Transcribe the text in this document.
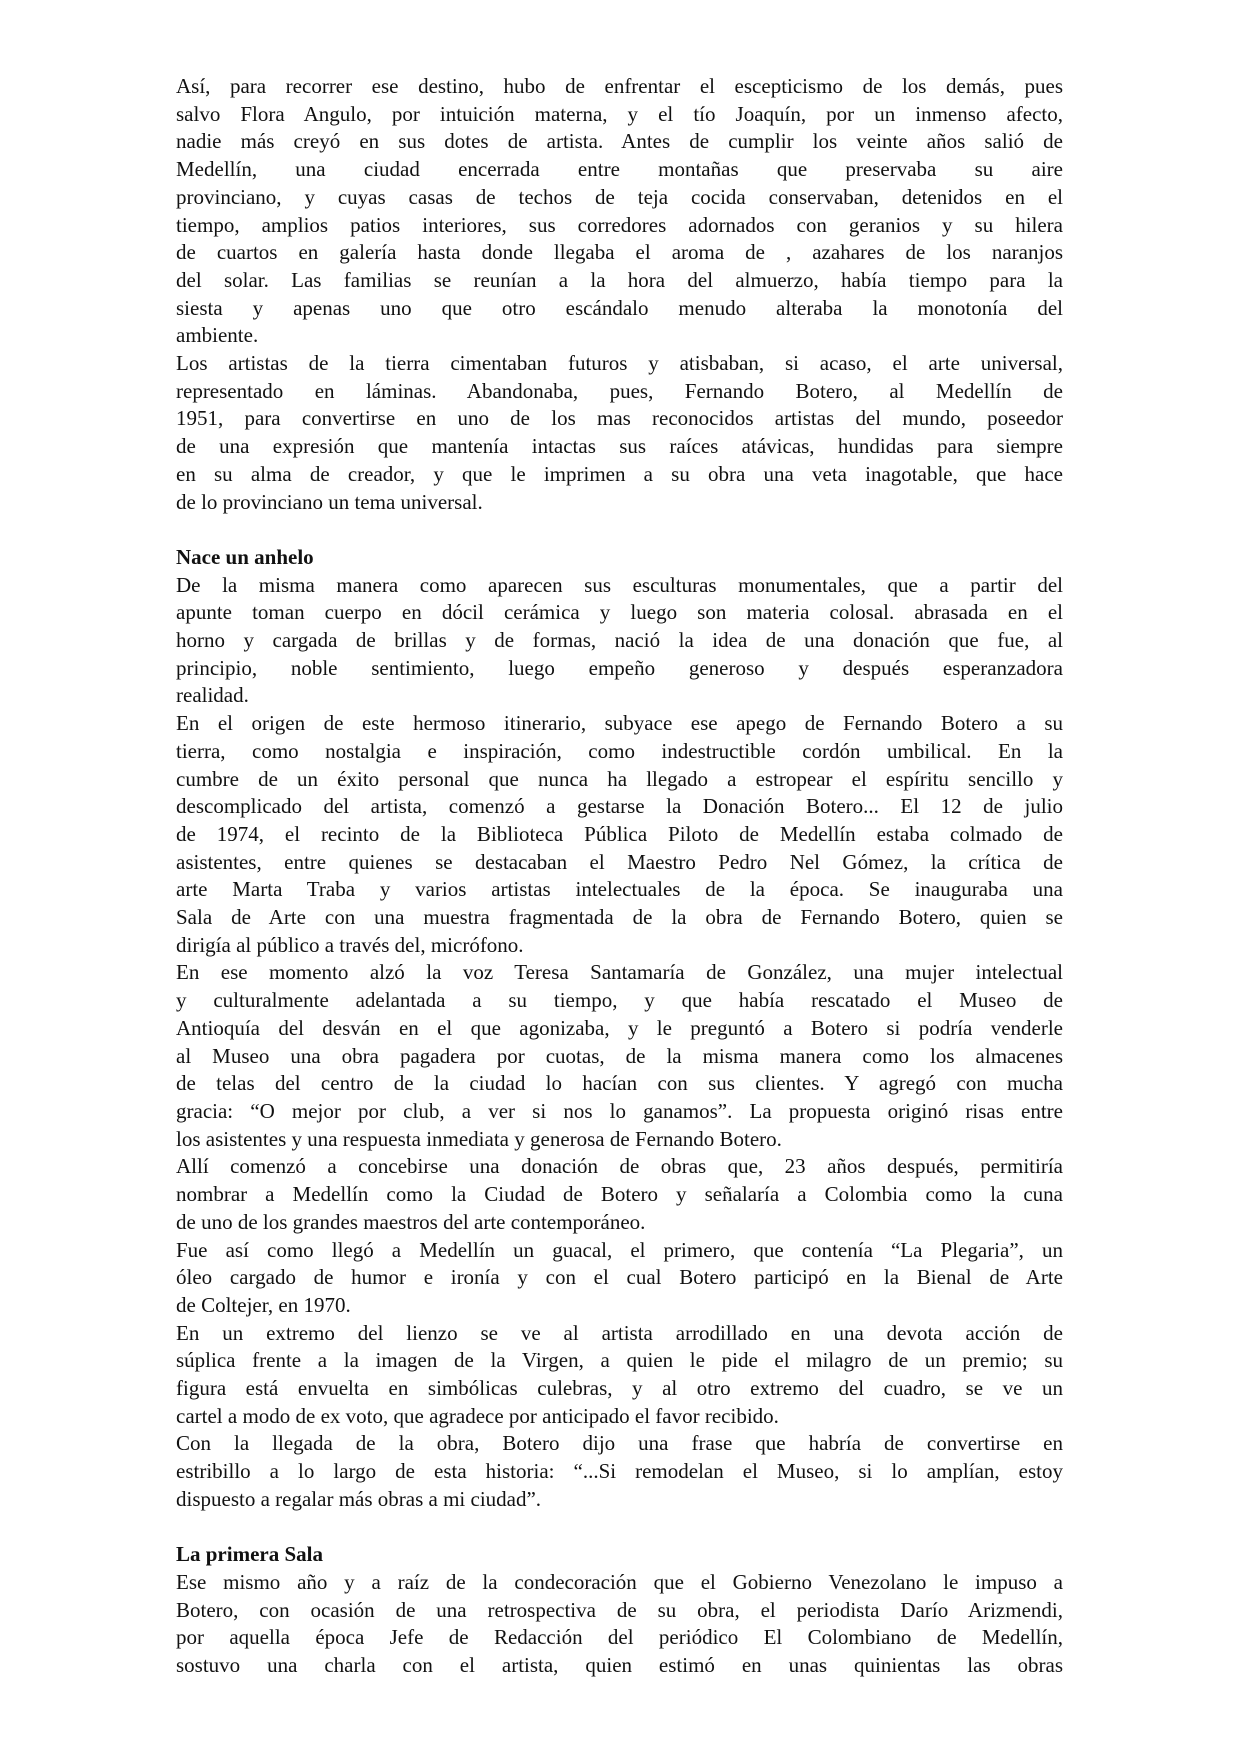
Así, para recorrer ese destino, hubo de enfrentar el escepticismo de los demás, pues
salvo Flora Angulo, por intuición materna, y el tío Joaquín, por un inmenso afecto,
nadie más creyó en sus dotes de artista. Antes de cumplir los veinte años salió de
Medellín, una ciudad encerrada entre montañas que preservaba su aire
provinciano, y cuyas casas de techos de teja cocida conservaban, detenidos en el
tiempo, amplios patios interiores, sus corredores adornados con geranios y su hilera
de cuartos en galería hasta donde llegaba el aroma de , azahares de los naranjos
del solar. Las familias se reunían a la hora del almuerzo, había tiempo para la
siesta y apenas uno que otro escándalo menudo alteraba la monotonía del
ambiente.
Los artistas de la tierra cimentaban futuros y atisbaban, si acaso, el arte universal,
representado en láminas. Abandonaba, pues, Fernando Botero, al Medellín de
1951, para convertirse en uno de los mas reconocidos artistas del mundo, poseedor
de una expresión que mantenía intactas sus raíces atávicas, hundidas para siempre
en su alma de creador, y que le imprimen a su obra una veta inagotable, que hace
de lo provinciano un tema universal.
Nace un anhelo
De la misma manera como aparecen sus esculturas monumentales, que a partir del
apunte toman cuerpo en dócil cerámica y luego son materia colosal. abrasada en el
horno y cargada de brillas y de formas, nació la idea de una donación que fue, al
principio, noble sentimiento, luego empeño generoso y después esperanzadora
realidad.
En el origen de este hermoso itinerario, subyace ese apego de Fernando Botero a su
tierra, como nostalgia e inspiración, como indestructible cordón umbilical. En la
cumbre de un éxito personal que nunca ha llegado a estropear el espíritu sencillo y
descomplicado del artista, comenzó a gestarse la Donación Botero... El 12 de julio
de 1974, el recinto de la Biblioteca Pública Piloto de Medellín estaba colmado de
asistentes, entre quienes se destacaban el Maestro Pedro Nel Gómez, la crítica de
arte Marta Traba y varios artistas intelectuales de la época. Se inauguraba una
Sala de Arte con una muestra fragmentada de la obra de Fernando Botero, quien se
dirigía al público a través del, micrófono.
En ese momento alzó la voz Teresa Santamaría de González, una mujer intelectual
y culturalmente adelantada a su tiempo, y que había rescatado el Museo de
Antioquía del desván en el que agonizaba, y le preguntó a Botero si podría venderle
al Museo una obra pagadera por cuotas, de la misma manera como los almacenes
de telas del centro de la ciudad lo hacían con sus clientes. Y agregó con mucha
gracia: “O mejor por club, a ver si nos lo ganamos”. La propuesta originó risas entre
los asistentes y una respuesta inmediata y generosa de Fernando Botero.
Allí comenzó a concebirse una donación de obras que, 23 años después, permitiría
nombrar a Medellín como la Ciudad de Botero y señalaría a Colombia como la cuna
de uno de los grandes maestros del arte contemporáneo.
Fue así como llegó a Medellín un guacal, el primero, que contenía “La Plegaria”, un
óleo cargado de humor e ironía y con el cual Botero participó en la Bienal de Arte
de Coltejer, en 1970.
En un extremo del lienzo se ve al artista arrodillado en una devota acción de
súplica frente a la imagen de la Virgen, a quien le pide el milagro de un premio; su
figura está envuelta en simbólicas culebras, y al otro extremo del cuadro, se ve un
cartel a modo de ex voto, que agradece por anticipado el favor recibido.
Con la llegada de la obra, Botero dijo una frase que habría de convertirse en
estribillo a lo largo de esta historia: “...Si remodelan el Museo, si lo amplían, estoy
dispuesto a regalar más obras a mi ciudad”.
La primera Sala
Ese mismo año y a raíz de la condecoración que el Gobierno Venezolano le impuso a
Botero, con ocasión de una retrospectiva de su obra, el periodista Darío Arizmendi,
por aquella época Jefe de Redacción del periódico El Colombiano de Medellín,
sostuvo una charla con el artista, quien estimó en unas quinientas las obras
